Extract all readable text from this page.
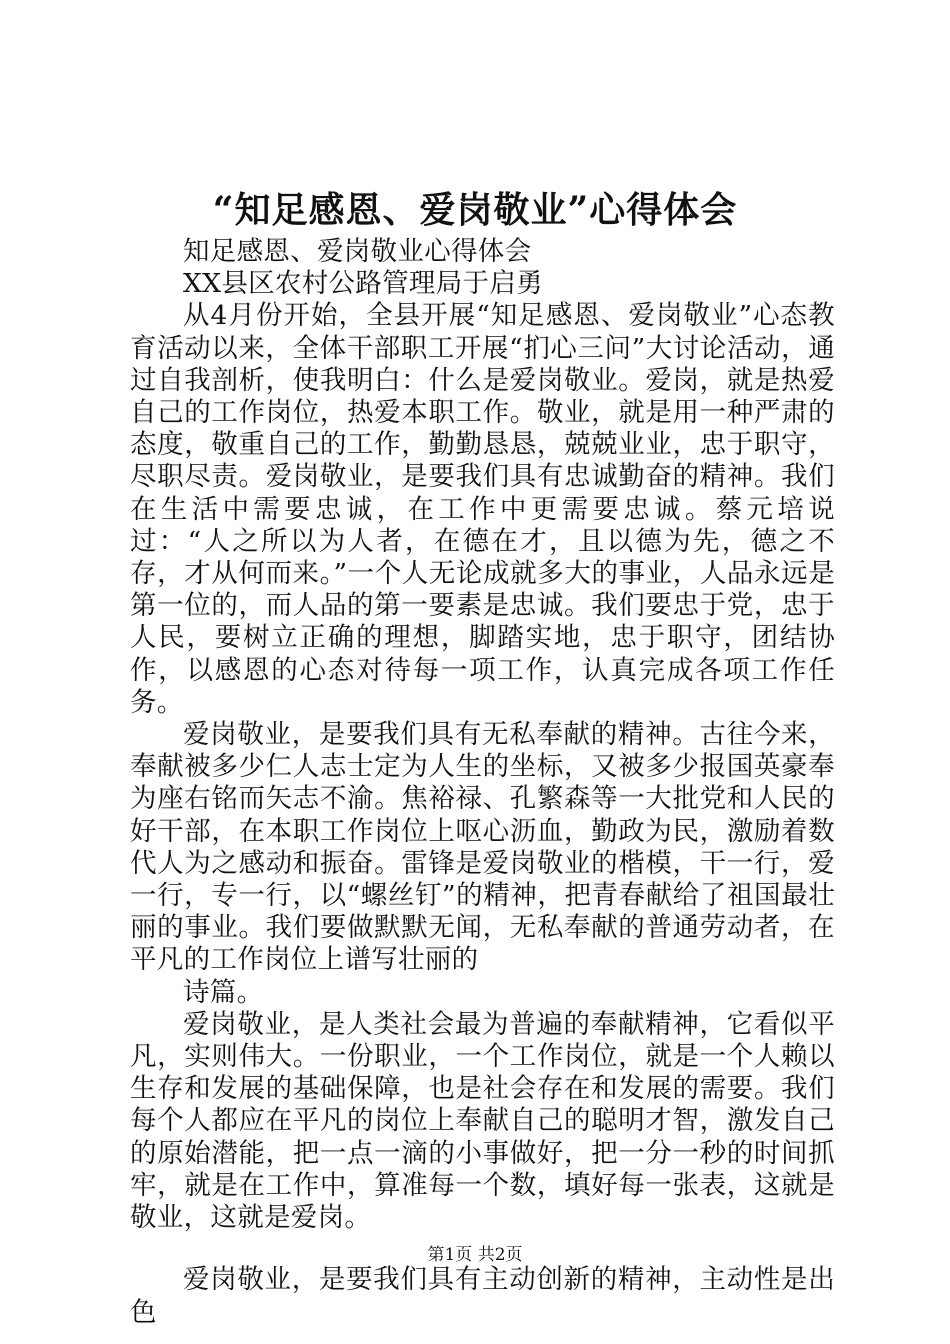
“知足感恩、爱岗敬业”心得体会

知足感恩、爱岗敬业心得体会

XX县区农村公路管理局于启勇

从4月份开始，全县开展“知足感恩、爱岗敬业”心态教育活动以来，全体干部职工开展“扪心三问”大讨论活动，通过自我剖析，使我明白：什么是爱岗敬业。爱岗，就是热爱自己的工作岗位，热爱本职工作。敬业，就是用一种严肃的态度，敬重自己的工作，勤勤恳恳，兢兢业业，忠于职守，尽职尽责。爱岗敬业，是要我们具有忠诚勤奋的精神。我们在生活中需要忠诚，在工作中更需要忠诚。蔡元培说过：“人之所以为人者，在德在才，且以德为先，德之不存，才从何而来。”一个人无论成就多大的事业，人品永远是第一位的，而人品的第一要素是忠诚。我们要忠于党，忠于人民，要树立正确的理想，脚踏实地，忠于职守，团结协作，以感恩的心态对待每一项工作，认真完成各项工作任务。

爱岗敬业，是要我们具有无私奉献的精神。古往今来，奉献被多少仁人志士定为人生的坐标，又被多少报国英豪奉为座右铭而矢志不渝。焦裕禄、孔繁森等一大批党和人民的好干部，在本职工作岗位上呕心沥血，勤政为民，激励着数代人为之感动和振奋。雷锋是爱岗敬业的楷模，干一行，爱一行，专一行，以“螺丝钉”的精神，把青春献给了祖国最壮丽的事业。我们要做默默无闻，无私奉献的普通劳动者，在平凡的工作岗位上谱写壮丽的

诗篇。

爱岗敬业，是人类社会最为普遍的奉献精神，它看似平凡，实则伟大。一份职业，一个工作岗位，就是一个人赖以生存和发展的基础保障，也是社会存在和发展的需要。我们每个人都应在平凡的岗位上奉献自己的聪明才智，激发自己的原始潜能，把一点一滴的小事做好，把一分一秒的时间抓牢，就是在工作中，算准每一个数，填好每一张表，这就是敬业，这就是爱岗。

爱岗敬业，是要我们具有主动创新的精神，主动性是出色

第1页 共2页
